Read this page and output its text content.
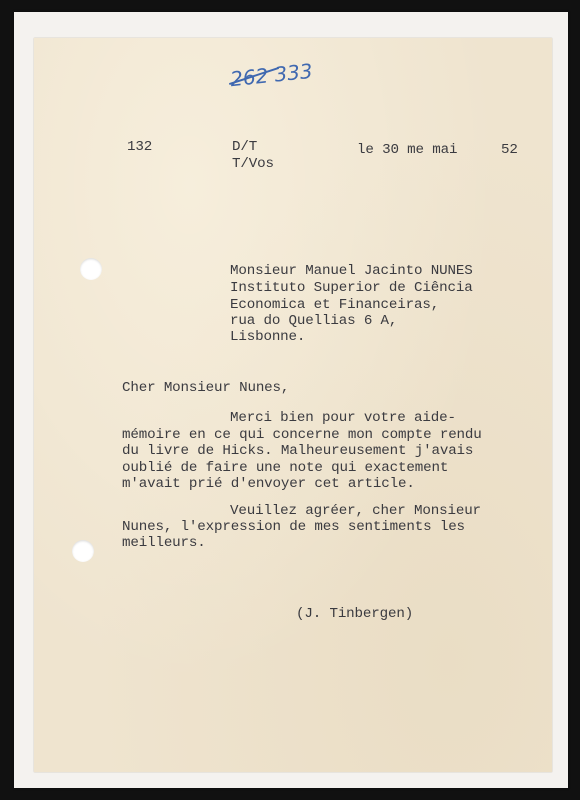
262 333
132	D/T
T/Vos
le 30 me mai	52
Monsieur Manuel Jacinto NUNES
Instituto Superior de Ciência
Economica et Financeiras,
rua do Quellias 6 A,
Lisbonne.
Cher Monsieur Nunes,
Merci bien pour votre aide-
mémoire en ce qui concerne mon compte rendu
du livre de Hicks. Malheureusement j'avais
oublié de faire une note qui exactement
m'avait prié d'envoyer cet article.
Veuillez agréer, cher Monsieur
Nunes, l'expression de mes sentiments les
meilleurs.
(J. Tinbergen)
